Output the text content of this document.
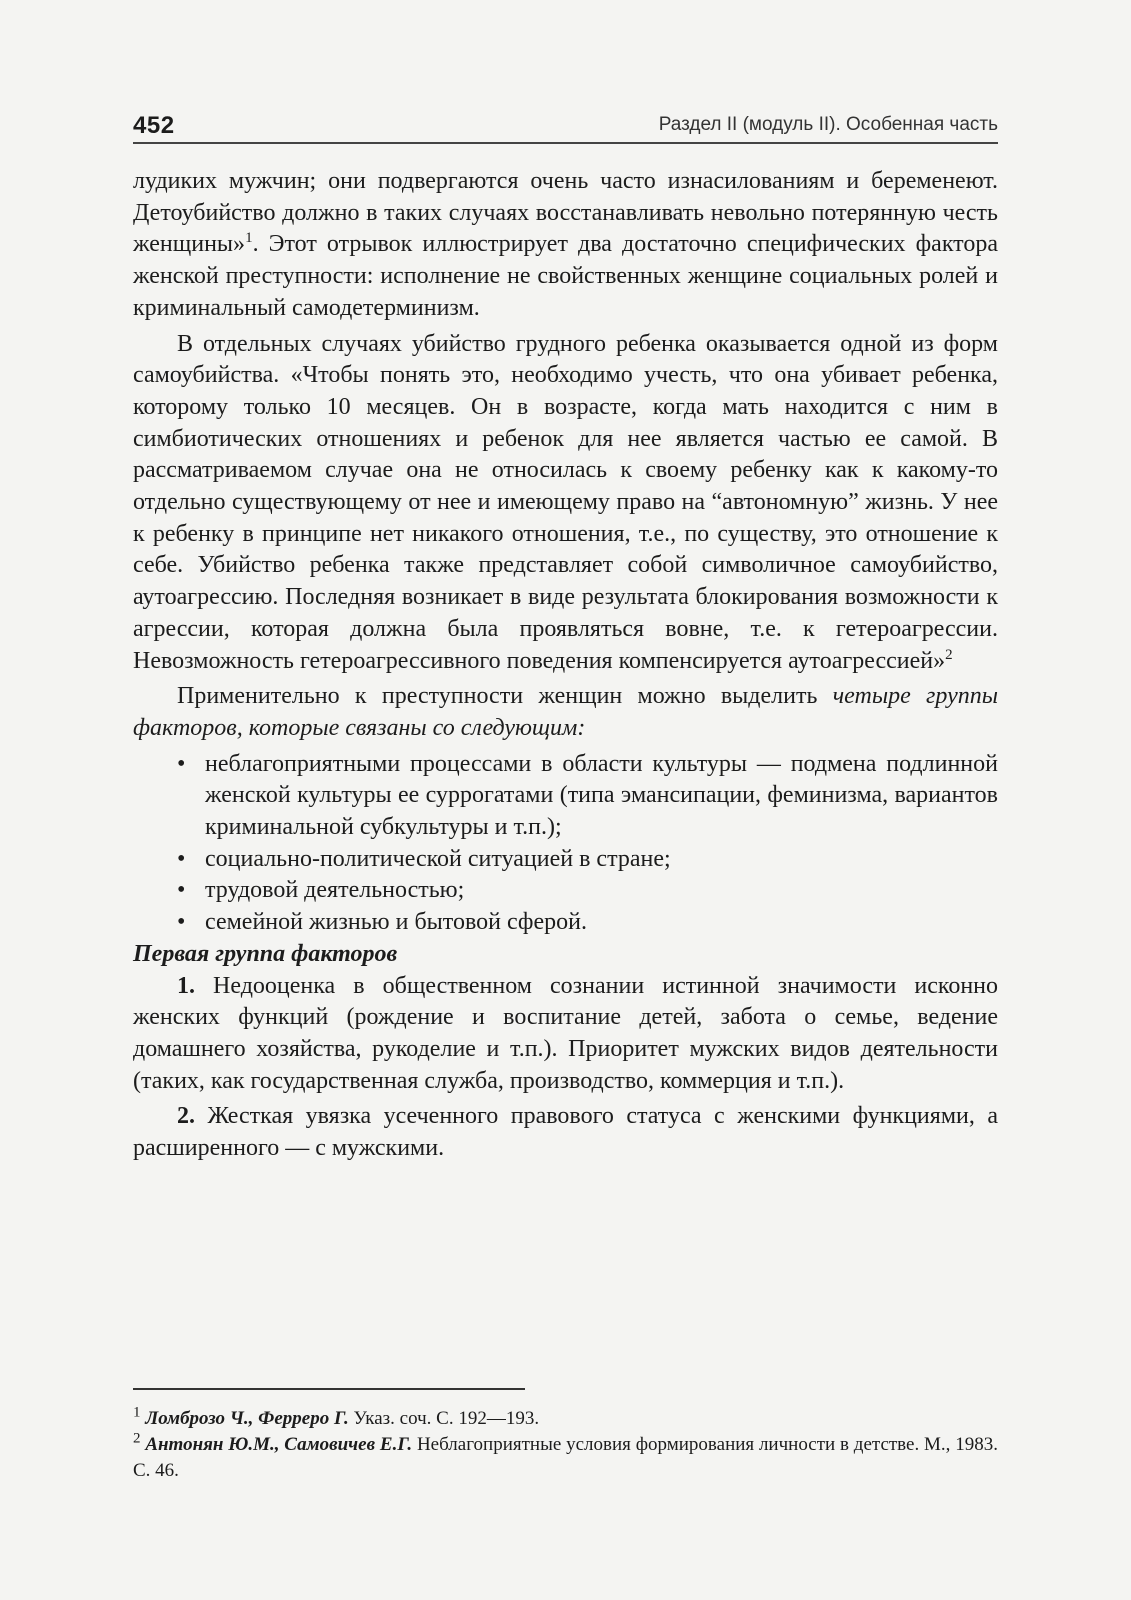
452	Раздел II (модуль II). Особенная часть

лудиких мужчин; они подвергаются очень часто изнасилованиям и беременеют. Детоубийство должно в таких случаях восстанавливать невольно потерянную честь женщины»$^1$. Этот отрывок иллюстрирует два достаточно специфических фактора женской преступности: исполнение не свойственных женщине социальных ролей и криминальный самодетерминизм.

В отдельных случаях убийство грудного ребенка оказывается одной из форм самоубийства. «Чтобы понять это, необходимо учесть, что она убивает ребенка, которому только 10 месяцев. Он в возрасте, когда мать находится с ним в симбиотических отношениях и ребенок для нее является частью ее самой. В рассматриваемом случае она не относилась к своему ребенку как к какому-то отдельно существующему от нее и имеющему право на “автономную” жизнь. У нее к ребенку в принципе нет никакого отношения, т.е., по существу, это отношение к себе. Убийство ребенка также представляет собой символичное самоубийство, аутоагрессию. Последняя возникает в виде результата блокирования возможности к агрессии, которая должна была проявляться вовне, т.е. к гетероагрессии. Невозможность гетероагрессивного поведения компенсируется аутоагрессией»$^2$

Применительно к преступности женщин можно выделить четыре группы факторов, которые связаны со следующим:

• неблагоприятными процессами в области культуры — подмена подлинной женской культуры ее суррогатами (типа эмансипации, феминизма, вариантов криминальной субкультуры и т.п.);
• социально-политической ситуацией в стране;
• трудовой деятельностью;
• семейной жизнью и бытовой сферой.

Первая группа факторов

1. Недооценка в общественном сознании истинной значимости исконно женских функций (рождение и воспитание детей, забота о семье, ведение домашнего хозяйства, рукоделие и т.п.). Приоритет мужских видов деятельности (таких, как государственная служба, производство, коммерция и т.п.).

2. Жесткая увязка усеченного правового статуса с женскими функциями, а расширенного — с мужскими.

$^1$ Ломброзо Ч., Ферреро Г. Указ. соч. С. 192—193.

$^2$ Антонян Ю.М., Самовичев Е.Г. Неблагоприятные условия формирования личности в детстве. М., 1983. С. 46.
